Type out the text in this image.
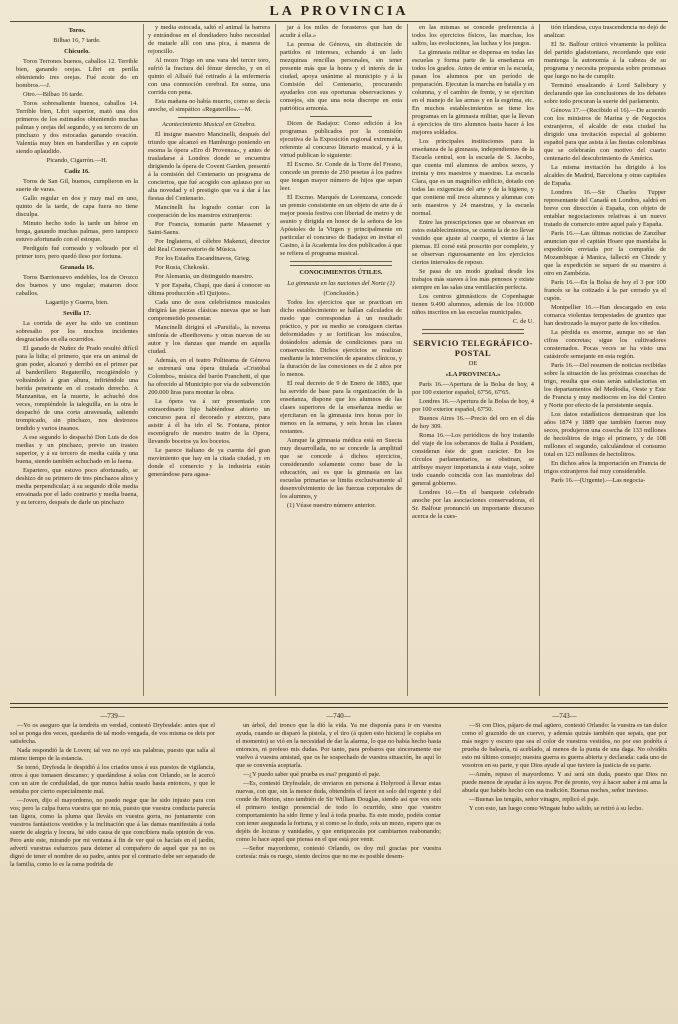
LA PROVINCIA

Toros.

Bilbao 16, 7 tarde.

Chicuelo.

Toros Terrones buenos, caballos 12. Terrible bien, ganando orejas. Libri en perilla obteniendo tres orejas. Fué ecote do en hombros.—J.

Otro.—Bilbao 16 tarde.

Toros sobresaliente buenos, caballos 14. Terrible bien, Libri superior, matò una dos primeros de los estimados obteniendo muchas palmas y orejas del segundo, y su tercero de un pinchazo y dos estocadas ganando ovación. Valentía muy bien en banderillas y en capote siendo aplaudido.

Picando, Cigarròn.—H.

Cadiz 16.

Toros de San Gil, buenos, cumplieron en la suerte de varas.

Gallo regular en dos y muy mal en uno, quinto de la tarde, de capa fuera no tiene disculpa.

Minuto hecho todo la tarde un héroe en brega, ganando muchas palmas, pero tampoco estuvo afortunado con el estoque.

Perdiguín fué corneado y volteado por el primer toro, pero quedó ileso por fortuna.

Granada 16.

Toros Barrionuevo endebles, los de Orozco dos buenos y uno regular; mataron doce caballos.

Lagartijo y Guerra, bien.

Sevilla 17.

La corrida de ayer ha sido un continuo sobresalto por los muchos incidentes desgraciados en ella ocurridos.

El ganado de Nuñez de Prado resultó difícil para la lidia; el primero, que era un animal de gran poder, alcanzó y derribó en el primer par al banderillero Regaterillo, recogiéndolo y volteándolo á gran altura, infiriéndole una herida penetrante en el costado derecho. A Manzanitas, en la muerte, le achuchó dos veces, rompiéndole la taleguilla, en la otra le despachó de una corta atravesada, saliendo trompicado, sin pinchazo, nos destrozos tendido y varios insanos.

A ese segundo lo despachó Don Luis de dos medias y un pinchazo, previo un trasteo superior, y á su tercero de media caída y una buena, siendo también achuchado en la faena.

Espartero, que estuvo poco afortunado, se deshizo de su primero de tres pinchazos altos y media perpendicular; á su segundo dióle media envainada por el lado contrario y media buena, y su tercero, después de darle un pinchazo

y media estocada, saltó el animal la barrera y entrándose en el dondiadero hubo necesidad de matarle allí con una pica, á manera de rejoncillo.

Al mozo Trigo en una vara del tercer toro, sufrió la fractura del fémur derecho, y en el quinto el Albaíó fué retirado á la enfermería con una conmoción cerebral. En suma, una corrida con pena.

Esta mañana no había muerto, como se decía anoche, el simpático «Regaterillo».—M.

Acontecimiento Musical en Ginebra.

El insigne maestro Mancinelli, después del triunfo que alcanzó en Hamburgo poniendo en escena la ópera «Ero di Provenza», y antes de trasladarse á Londres donde se encuentra dirigiendo la ópera de Covent Garden, presentó á la comisión del Centenario un programa de conciertos, que fué acogido con aplauso por su alta novedad y el prestigio que va á dar á las fiestas del Centenario.

Mancinelli ha logrado contar con la cooperación de los maestros extranjeros:

Por Francia, tomarán parte Massenet y Saint-Saens.

Por Inglaterra, el célebre Makenzi, director del Real Conservatorio de Música.

Por los Estados Escandinavos, Grieg.

Por Rusia, Chekoski.

Por Alemania, un distinguido maestro.

Y por España, Chapí, que dará á conocer su última producción «El Quijote».

Cada uno de esos celebrísimos musicales dirigirá las piezas clásicas nuevas que se han comprometido presentar.

Mancinelli dirigirá el «Parsifal», la novena sinfonía de «Beethoven» y otras nuevas de su autor y los danzas que mande en aquella ciudad.

Además, en el teatro Politeama de Génova se estrenará una ópera titulada «Cristóbal Colombo», música del barón Franchetti, el que ha ofrecido al Municipio por vía de subvención 200.000 liras para montar la obra.

La ópera va á ser presentada con extraordinario lujo habiéndose abierto un concurso para el decorado y atrezzo, para asistir á él ha ido el Sr. Fontana, pintor escenógrafo de nuestro teatro de la Opera, llevando bocetos ya los bocetos.

Le parece italiano de ya cuenta del gran movimiento que hay en la citada ciudad, y en donde el comercio y la industria están generándose para agasa-

jar á los miles de forasteros que han de acudir á ella.»

La prensa de Génova, sin distinción de partidos ni intereses, echando á un lado mezquinas rencillas personales, sin tener presente más que la honra y el interés de la ciudad, apoya unánime al municipio y á la Comisión del Centenario, procurando ayudarles con sus oportunas observaciones y consejos, sin que una nota discrepe en esta patriótica armonía.

Dicen de Badajoz: Como edición á los programas publicados por la comisión ejecutiva de la Exposición regional extremeña, referente al concurso literario musical, y á la virtud publican lo siguiente:

El Excmo. Sr. Conde de la Torre del Fresno, concede un premio de 250 pesetas á los padres que tengan mayor número de hijos que sepan leer.

El Excmo. Marqués de Lorenzana, concede un premio consistente en un objeto de arte de á mejor poesía festiva con libertad de metro y de asunto y dirigida en honor de la señora de los Apóstoles de la Virgen y principalmente en particular el concurso de Badajoz en invitar el Casino, á la Academia los dos publicados á que se refiera el programa musical.

CONOCIMIENTOS ÚTILES.

La gimnasia en las naciones del Norte (1)

(Conclusión.)

Todos los ejercicios que se practican en dicho establecimiento se hallan calculados de modo que correspondan á un resultado práctico, y por su medio se consiguen ciertas deformidades y se fortifican los músculos, dotándolos además de condiciones para su conservación. Dichos ejercicios se realizan mediante la intervención de aparatos clínicos, y la duración de las conexiones es de 2 años por lo menos.

El real decreto de 9 de Enero de 1883, que ha servido de base para la organización de la enseñanza, dispone que los alumnos de las clases superiores de la enseñanza media se ejercitaran en la gimnasia tres horas por lo menos en la semana, y seis horas las clases restantes.

Aunque la gimnasia médica está en Suecia muy desarrollada, no se concede la amplitud que se concede á dichos ejercicios, considerando solamente como base de la educación, así es que la gimnasia en las escuelas primarias se limita exclusivamente al desenvolvimiento de las fuerzas corporales de los alumnos, y

(1) Véase nuestro número anterior.

en las mismas se concede preferencia á todos los ejercicios físicos, las marchas, los saltos, las evoluciones, las luchas y los juegos.

La gimnasia militar se dispensa en todas las escuelas y forma parte de la enseñanza en todos los grados. Antes de entrar en la escuela, pasan los alumnos por un período de preparación. Ejecutan la marcha en batalla y en columna, y el cambio de frente, y se ejercitan en el manejo de las armas y en la esgrima, etc. En muchos establecimientos se tiene los programas en la gimnasia militar, que la llevan á ejercicios de tiro alumnos hasta hacer á los mejores soldados.

Los principales instituciones para la enseñanza de la gimnasia, independientes de la Escuela central, son la escuela de S. Jacobo, que cuenta mil alumnos de ambos sexos, y treinta y tres maestros y maestras. La escuela Clara, que es un magnífico edificio, dotado con todas las exigencias del arte y de la higiene, y que contiene mil trece alumnos y alumnas con seis maestros y 24 maestras, y la escuela normal.

Entre las prescripciones que se observan en estos establecimientos, se cuenta la de no llevar vestido que ajuste al cuerpo, el vientre á las piernas. El corsé está proscrito por completo, y se observan rigurosamente en los ejercicios ciertos intervalos de reposo.

Se pasa de un modo gradual desde los trabajos más suaves á los más penosos y existe siempre en las salas una ventilación perfecta.

Los centros gimnásticos de Copenhague tienen 9.490 alumnos, además de los 10.000 niños inscritos en las escuelas municipales.

C. de U.

SERVICIO TELEGRÁFICO-POSTAL

DE

«LA PROVINCIA.»

París 16.—Apertura de la Bolsa de hoy, 4 por 100 exterior español, 67'56, 67'65.

Londres 16.—Apertura de la Bolsa de hoy, 4 por 100 exterior español, 67'50.

Buenos Aires 16.—Precio del oro en el día de hoy 309.

Roma 16.—Los periódicos de hoy tratando del viaje de los soberanos de Italia á Postdam, consideran éste de gran carácter. En los círculos parlamentarios, se obstinan, se atribuye mayor importancia á este viaje, sobre todo cuando coincida con las maniobras del general gobierno.

Londres 16.—En el banquete celebrado anoche por las asociaciones conservadoras, el Sr. Balfour pronunció un importante discurso acerca de la cues-

tión irlandesa, cuya trascendencia no dejó de analizar.

El Sr. Balfour criticó vivamente la política del partido gladstoniano, recordando que este mantenga la autonomía á la cabeza de su programa y necesita propuesta sobre promesas que luego no ha de cumplir.

Terminó ensalzando á Lord Salisbury y declarando que las conclusiones de los debates sobre todo procuran la suerte del parlamento.

Génova 17.—(Recibido el 16).—De acuerdo con los ministros de Marina y de Negocios extranjeros, el alcalde de esta ciudad ha dirigido una invitación especial al gobierno español para que asista á las fiestas colombinas que se celebrarán con motivo del cuarto centenario del descubrimiento de América.

La misma invitación ha dirigido á los alcaldes de Madrid, Barcelona y otras capitales de España.

Londres 16.—Sir Charles Tupper representante del Canadá en Londres, saldrá en breve con dirección á España, con objeto de entablar negociaciones relativas á un nuevo tratado de comercio entre aquel país y España.

París 16.—Las últimas noticias de Zanzíbar anuncian que el capitán Hoare que mandaba la expedición enviada por la compañía de Mozambique á Manica, falleció en Chinde y que la expedición se separó de su maestro á otro en Zambézia.

París 16.—En la Bolsa de hoy el 3 por 100 francés se ha cotizado á la par cerrado ya el cupón.

Montpellier 16.—Han descargado en esta comarca violentas tempestades de granizo que han destrozado la mayor parte de los viñedos.

La pérdida es enorme, aunque no se dan cifras concretas; sigue los cultivadores consternados. Pocas veces se ha visto una catástrofe semejante en esta región.

París 16.—Del resumen de noticias recibidas sobre la situación de las próximas cosechas de trigo, resulta que estas serán satisfactorias en los departamentos del Mediodía, Oeste y Este de Francia y muy mediocres en los del Centro y Norte por efecto de la persistente sequía.

Los datos estadísticos demuestran que los años 1874 y 1889 que también fueron muy secos, produjeron una cosecha de 133 millones de hectolitros de trigo el primero, y de 108 millones el segundo, calculándose el consumo total en 123 millones de hectolitros.

En dichos años la importación en Francia de trigos extranjeros fué muy considerable.

París 16.—(Urgente).—Las negocia-

—739—

—Yo os aseguro que la tendréis en verdad, contestó Dryfesdale: antes que el sol se ponga dos veces, quedaréis de tal modo vengada, de vos misma os deis por satisfecha.

Nada respondió la de Loven; tal vez no oyó sus palabras, puesto que salía al mismo tiempo de la estancia.

Se tornó, Dryfesda le despidió á los criados unos á sus puestos de vigilancia, otros á que tomasen descanso; y quedándose á solas con Orlando, se le acercó con un aire de cordialidad, de que nunca había usado hasta entonces, y que le sentaba por cierto especialmente mal.

—Joven, dijo el mayordomo, no puedo negar que he sido injusto para con vos; pero la culpa fuera vuestra que no mía, puesto que vuestra conducta parecía tan ligera, como la pluma que lleváis en vuestra gorra, no juntamente con vuestros fantásticos vestidos y la inclinación que á las damas manifestáis á toda suerte de alegría y locura, hé sido causa de que concibiera mala opinión de vos. Pero ante este, mirando por mi ventana á fin de ver qué os hacíais en el jardín, advertí vuestras esfuerzos para detener al compañero de aquel que ya no os dignó de tener el nombre de su padre, antes por el contrario debe ser separado de la familia, como lo es la rama podrida de

—740—

un árbol, del tronco que la dió la vida. Ya me disponía para ir en vuestra ayuda, cuando se disparó la pistola, y el tiro (á quien esto hiciera) le copiaba en el momento) se vió en la necesidad de dar la alarma, lo que no había hecho hasta entonces, ni profeso mis dudas. Por tanto, para probaros que sinceramente me vuelvo á vuestra amistad, que os he sospechado de vuestra situación, he aquí lo que se convenía aceptarla.

—¿Y puedo saber qué prueba es esa? preguntó el paje.

—Es, contestó Dryfesdale, de enviaros en persona á Holyrood á llevar estas nuevas, con que, sin la menor duda, obtendréis el favor en solo del regente y del conde de Morton, sino también de Sir William Douglas, siendo así que vos sois el primero testigo presencial de todo lo ocurrido, sino que vuestro comportamiento ha sido firme y leal á toda prueba. Es este modo, podéis contar con tener asegurada la fortuna, y si como se lo dudo, sois un mozo, espero que os dejéis de locuras y vanidades, y que enriquezcáis por cambiarnos reabonando; como lo hace aquel que piensa en el que está por venir.

—Señor mayordomo, contestó Orlando, os doy mil gracias por vuestra cortesía: más os ruego, siento decíros que no me es posible desem-

—743—

—Si con Dios, pájaro de mal agüero, contestó Orlando: la vuestra es tan dulce como el graznido de un cuervo, y además quizás también que sepais, que por más negro y oscuro que sea el color de vuestros vestidos, no por eso podréis á prueba de balearía, ni aceblado, al menos de la punta de una daga. No olvidéis esto mi último consejo; nuestra guerra es guerra abierta y declarada: cada uno de vosotros en su parte, y que Dios ayude al que tuviere la justicia de su parte.

—Amén, repuso el mayordomo. Y así será sin duda, puesto que Dios no puede menos de ayudar á los suyos. Por de pronto, voy á hacer saber á mi ama la abuela que habéis hecho con esa tradición. Buenas noches, señor travieso.

—Buenas las tengáis, señor vinagre, replicó el paje.

Y con esto, tan luego como Wingate hubo salido, se retiró á su lecho.
